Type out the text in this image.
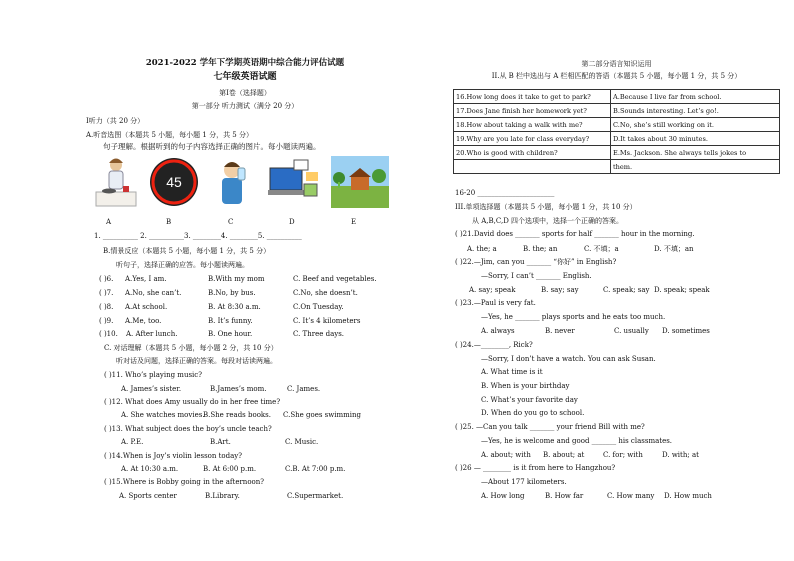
2021-2022 学年下学期英语期中综合能力评估试题
七年级英语试题
第Ⅰ卷（选择题）
第一部分 听力测试（满分 20 分）
I听力（共 20 分）
A.听音选图（本题共 5 小题，每小题 1 分，共 5 分）
句子理解。根据听到的句子内容选择正确的图片。每小题读两遍。
45
A	B	C	D	E
1. __________ 2. __________3. ________4. ________5. __________
B.情景反应（本题共 5 小题，每小题 1 分，共 5 分）
听句子，选择正确的应答。每小题读两遍。
( )6. A.Yes, I am.	B.With my mom	C. Beef and vegetables.
( )7. A.No, she can’t.	B.No, by bus.	C.No, she doesn’t.
( )8. A.At school.	B. At 8:30 a.m.	C.On Tuesday.
( )9. A.Me, too.	B. It’s funny.	C. It’s 4 kilometers
( )10. A. After lunch.	B. One hour.	C. Three days.
C. 对话理解（本题共 5 小题，每小题 2 分，共 10 分）
听对话及问题，选择正确的答案。每段对话读两遍。
( )11. Who’s playing music?
A. James’s sister.	B.James’s mom.	C. James.
( )12. What does Amy usually do in her free time?
A. She watches movies.
B.She reads books. C.She goes swimming
( )13. What subject does the boy’s uncle teach?
A. P.E.	B.Art.	C. Music.
( )14.When is Joy’s violin lesson today?
A. At 10:30 a.m.	B. At 6:00 p.m.	C.B. At 7:00 p.m.
( )15.Where is Bobby going in the afternoon?
A. Sports center	B.Library.	C.Supermarket.
第二部分语言知识运用
II.从 B 栏中选出与 A 栏相匹配的答语（本题共 5 小题，每小题 1 分，共 5 分）
16.How long does it take to get to park?	A.Because I live far from school.
17.Does Jane finish her homework yet?	B.Sounds interesting. Let’s go!.
18.How about taking a walk with me?	C.No, she’s still working on it.
19.Why are you late for class everyday?	D.It takes about 30 minutes.
20.Who is good with children?	E.Ms. Jackson. She always tells jokes to
	them.
16-20 ______________________
III.单项选择题（本题共 5 小题，每小题 1 分，共 10 分）
从 A,B,C,D 四个选项中，选择一个正确的答案。
( )21.David does _______ sports for half _______ hour in the morning.
A. the; a	B. the; an	C. 不填；a	D. 不填；an
( )22.—Jim, can you _______ “你好” in English?
—Sorry, I can’t _______ English.
A. say; speak	B. say; say	C. speak; say D. speak; speak
( )23.—Paul is very fat.
—Yes, he _______ plays sports and he eats too much.
A. always	B. never	C. usually D. sometimes
( )24.—________, Rick?
—Sorry, I don’t have a watch. You can ask Susan.
A. What time is it
B. When is your birthday
C. What’s your favorite day
D. When do you go to school.
( )25. —Can you talk _______ your friend Bill with me?
—Yes, he is welcome and good _______ his classmates.
A. about; with B. about; at	C. for; with	D. with; at
( )26 — ________ is it from here to Hangzhou?
—About 177 kilometers.
A. How long	B. How far	C. How many D. How much
